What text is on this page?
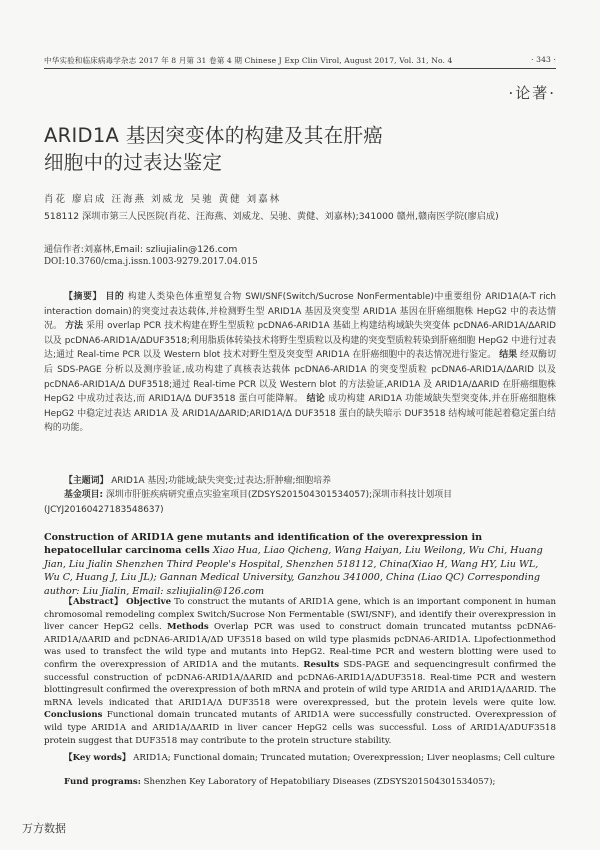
中华实验和临床病毒学杂志 2017 年 8 月第 31 卷第 4 期 Chinese J Exp Clin Virol, August 2017, Vol. 31, No. 4	· 343 ·
·论著·
ARID1A 基因突变体的构建及其在肝癌
细胞中的过表达鉴定
肖花 廖启成 汪海燕 刘威龙 吴驰 黄健 刘嘉林
518112 深圳市第三人民医院(肖花、汪海燕、刘威龙、吴驰、黄健、刘嘉林);341000 赣州,赣南医学院(廖启成)
通信作者:刘嘉林,Email: szliujialin@126.com
DOI:10.3760/cma.j.issn.1003-9279.2017.04.015

【摘要】 目的 构建人类染色体重塑复合物 SWI/SNF(Switch/Sucrose NonFermentable)中重要组份 ARID1A(A-T rich interaction domain)的突变过表达载体,并检测野生型 ARID1A 基因及突变型 ARID1A 基因在肝癌细胞株 HepG2 中的表达情况。 方法 采用 overlap PCR 技术构建在野生型质粒 pcDNA6-ARID1A 基础上构建结构域缺失突变体 pcDNA6-ARID1A/ΔARID 以及 pcDNA6-ARID1A/ΔDUF3518;利用脂质体转染技术将野生型质粒以及构建的突变型质粒转染到肝癌细胞 HepG2 中进行过表达;通过 Real-time PCR 以及 Western blot 技术对野生型及突变型 ARID1A 在肝癌细胞中的表达情况进行鉴定。 结果 经双酶切后 SDS-PAGE 分析以及测序验证,成功构建了真核表达载体 pcDNA6-ARID1A 的突变型质粒 pcDNA6-ARID1A/ΔARID 以及 pcDNA6-ARID1A/Δ DUF3518;通过 Real-time PCR 以及 Western blot 的方法验证,ARID1A 及 ARID1A/ΔARID 在肝癌细胞株 HepG2 中成功过表达,而 ARID1A/Δ DUF3518 蛋白可能降解。 结论 成功构建 ARID1A 功能域缺失型突变体,并在肝癌细胞株 HepG2 中稳定过表达 ARID1A 及 ARID1A/ΔARID;ARID1A/Δ DUF3518 蛋白的缺失暗示 DUF3518 结构域可能起着稳定蛋白结构的功能。

【主题词】 ARID1A 基因;功能域;缺失突变;过表达;肝肿瘤;细胞培养

基金项目: 深圳市肝脏疾病研究重点实验室项目(ZDSYS201504301534057);深圳市科技计划项目(JCYJ20160427183548637)

Construction of ARID1A gene mutants and identification of the overexpression in hepatocellular carcinoma cells Xiao Hua, Liao Qicheng, Wang Haiyan, Liu Weilong, Wu Chi, Huang Jian, Liu Jialin Shenzhen Third People's Hospital, Shenzhen 518112, China(Xiao H, Wang HY, Liu WL, Wu C, Huang J, Liu JL); Gannan Medical University, Ganzhou 341000, China (Liao QC) Corresponding author: Liu Jialin, Email: szliujialin@126.com

【Abstract】 Objective To construct the mutants of ARID1A gene, which is an important component in human chromosomal remodeling complex Switch/Sucrose Non Fermentable (SWI/SNF), and identify their overexpression in liver cancer HepG2 cells. Methods Overlap PCR was used to construct domain truncated mutantss pcDNA6-ARID1A/ΔARID and pcDNA6-ARID1A/ΔD UF3518 based on wild type plasmids pcDNA6-ARID1A. Lipofectionmethod was used to transfect the wild type and mutants into HepG2. Real-time PCR and western blotting were used to confirm the overexpression of ARID1A and the mutants. Results SDS-PAGE and sequencingresult confirmed the successful construction of pcDNA6-ARID1A/ΔARID and pcDNA6-ARID1A/ΔDUF3518. Real-time PCR and western blottingresult confirmed the overexpression of both mRNA and protein of wild type ARID1A and ARID1A/ΔARID. The mRNA levels indicated that ARID1A/Δ DUF3518 were overexpressed, but the protein levels were quite low. Conclusions Functional domain truncated mutants of ARID1A were successfully constructed. Overexpression of wild type ARID1A and ARID1A/ΔARID in liver cancer HepG2 cells was successful. Loss of ARID1A/ΔDUF3518 protein suggest that DUF3518 may contribute to the protein structure stability.

【Key words】 ARID1A; Functional domain; Truncated mutation; Overexpression; Liver neoplasms; Cell culture

Fund programs: Shenzhen Key Laboratory of Hepatobiliary Diseases (ZDSYS201504301534057);

万方数据
